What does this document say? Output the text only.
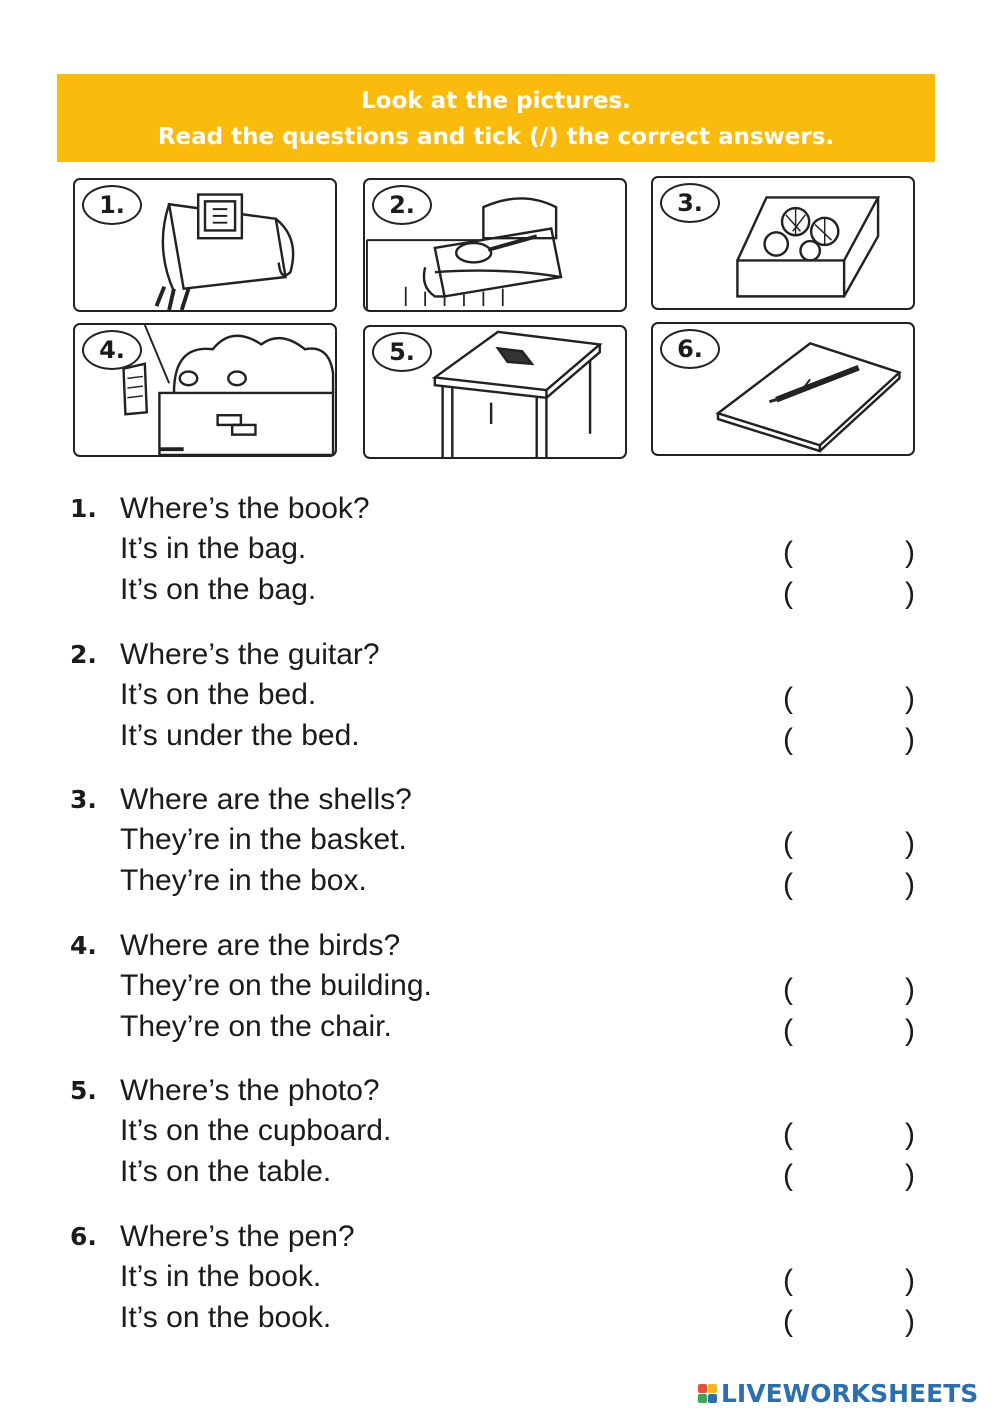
Look at the pictures.
Read the questions and tick (/) the correct answers.
1.	2.	3.
4.	5.	6.
1. Where’s the book?
It’s in the bag.
It’s on the bag.
(	)
(	)
2. Where’s the guitar?
It’s on the bed.
It’s under the bed.
(	)
(	)
3. Where are the shells?
They’re in the basket.
They’re in the box.
(	)
(	)
4. Where are the birds?
They’re on the building.
They’re on the chair.
(	)
(	)
5. Where’s the photo?
It’s on the cupboard.
It’s on the table.
(	)
(	)
6. Where’s the pen?
It’s in the book.
It’s on the book.
(	)
(	)
LIVEWORKSHEETS
